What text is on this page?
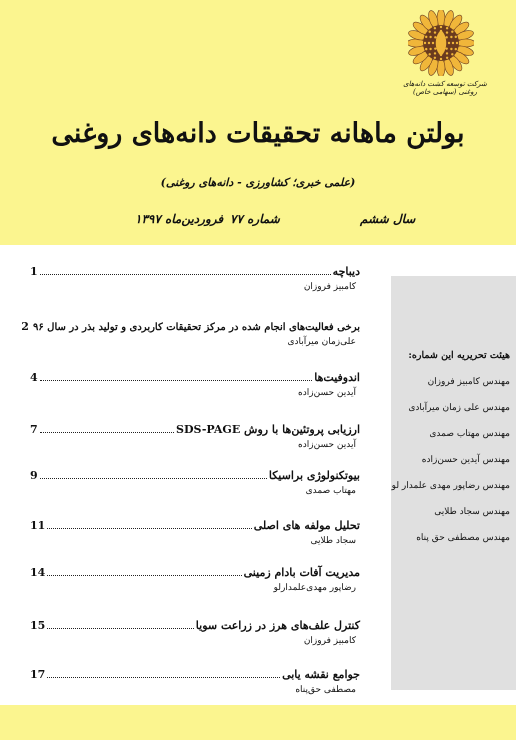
شرکت توسعه کشت دانه‌های روغنی (سهامی خاص)
بولتن ماهانه تحقیقات دانه‌های روغنی
(علمی خبری؛ کشاورزی - دانه‌های روغنی)
سال ششم
شماره ۷۷
فروردین‌ماه ۱۳۹۷
دیباچه
1
کامبیز فروزان
برخی فعالیت‌های انجام شده در مرکز تحقیقات کاربردی و تولید بذر در سال ۹۶
2
علی‌زمان میرآبادی
اندوفیت‌ها
4
آیدین حسن‌زاده
ارزیابی پروتئین‌ها با روش SDS-PAGE
7
آیدین حسن‌زاده
بیوتکنولوژی براسیکا
9
مهتاب صمدی
تحلیل مولفه های اصلی
11
سجاد طلایی
مدیریت آفات بادام زمینی
14
رضاپور مهدی‌علمدارلو
کنترل علف‌های هرز در زراعت سویا
15
کامبیز فروزان
جوامع نقشه یابی
17
مصطفی حق‌پناه
هیئت تحریریه این شماره:
مهندس کامبیز فروزان
مهندس علی زمان میرآبادی
مهندس مهتاب صمدی
مهندس آیدین حسن‌زاده
مهندس رضاپور مهدی علمدار لو
مهندس سجاد طلایی
مهندس مصطفی حق پناه
